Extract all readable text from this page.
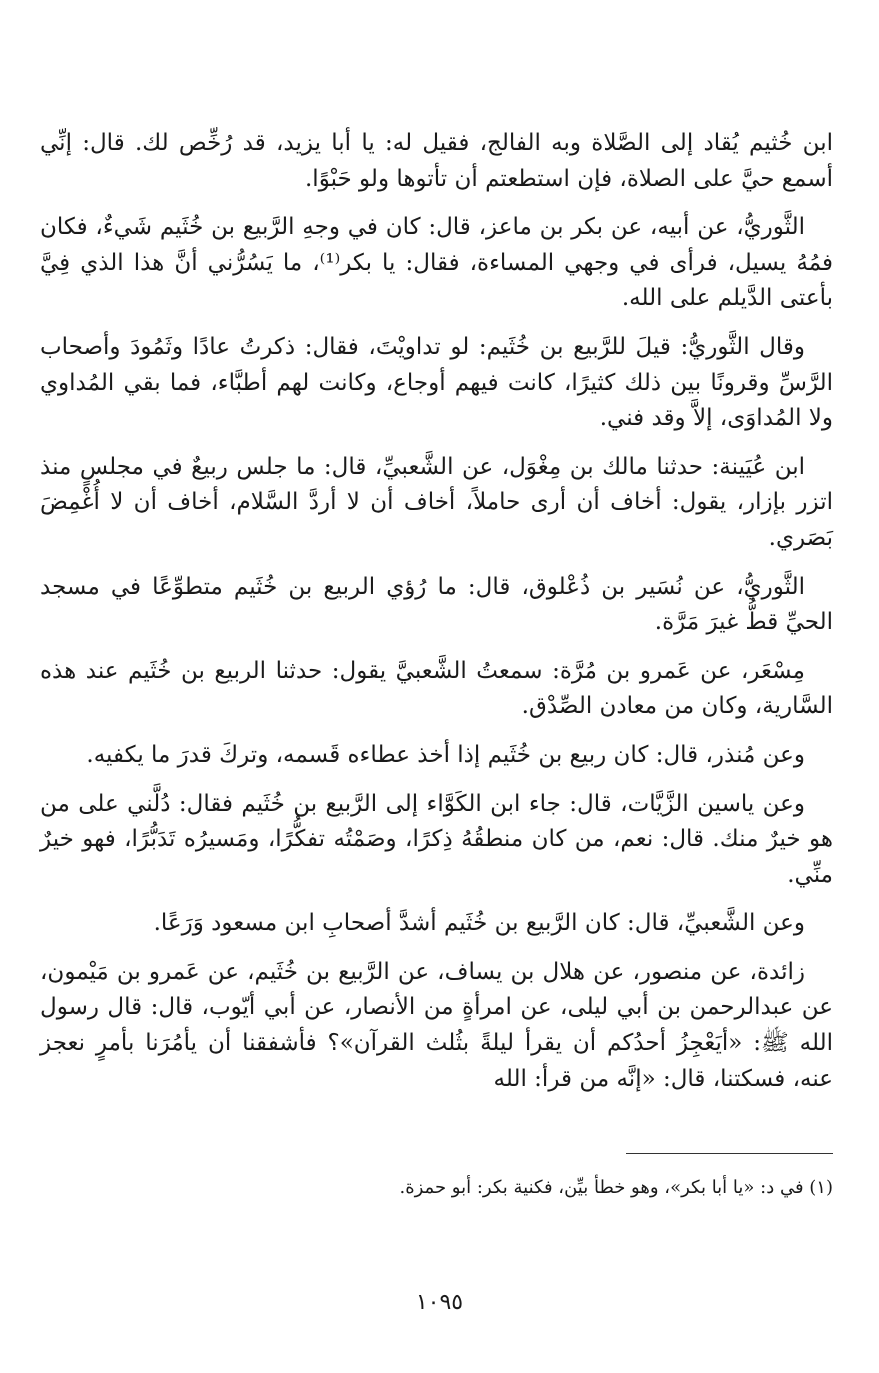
ابن خُثيم يُقاد إلى الصَّلاة وبه الفالج، فقيل له: يا أبا يزيد، قد رُخِّص لك. قال: إنِّي أسمع حيَّ على الصلاة، فإن استطعتم أن تأتوها ولو حَبْوًا.

الثَّوريُّ، عن أبيه، عن بكر بن ماعز، قال: كان في وجهِ الرَّبيع بن خُثَيم شَيءٌ، فكان فمُهُ يسيل، فرأى في وجهي المساءة، فقال: يا بكر⁽¹⁾، ما يَسُرُّني أنَّ هذا الذي فِيَّ بأعتى الدَّيلم على الله.

وقال الثَّوريُّ: قيلَ للرَّبيع بن خُثَيم: لو تداويْتَ، فقال: ذكرتُ عادًا وثَمُودَ وأصحاب الرَّسِّ وقرونًا بين ذلك كثيرًا، كانت فيهم أوجاع، وكانت لهم أطبَّاء، فما بقي المُداوي ولا المُداوَى، إلاَّ وقد فني.

ابن عُيَينة: حدثنا مالك بن مِغْوَل، عن الشَّعبيِّ، قال: ما جلس ربيعٌ في مجلسٍ منذ اتزر بإزار، يقول: أخاف أن أرى حاملاً، أخاف أن لا أردَّ السَّلام، أخاف أن لا أُغْمِضَ بَصَري.

الثَّوريُّ، عن نُسَير بن ذُعْلوق، قال: ما رُؤي الربيع بن خُثَيم متطوِّعًا في مسجد الحيِّ قطُّ غيرَ مَرَّة.

مِسْعَر، عن عَمرو بن مُرَّة: سمعتُ الشَّعبيَّ يقول: حدثنا الربيع بن خُثَيم عند هذه السَّارية، وكان من معادن الصِّدْق.

وعن مُنذر، قال: كان ربيع بن خُثَيم إذا أخذ عطاءه قَسمه، وتركَ قدرَ ما يكفيه.

وعن ياسين الزَّيَّات، قال: جاء ابن الكَوَّاء إلى الرَّبيع بن خُثَيم فقال: دُلَّني على من هو خيرٌ منك. قال: نعم، من كان منطقُهُ ذِكرًا، وصَمْتُه تفكُّرًا، ومَسيرُه تَدَبُّرًا، فهو خيرٌ منِّي.

وعن الشَّعبيِّ، قال: كان الرَّبيع بن خُثَيم أشدَّ أصحابِ ابن مسعود وَرَعًا.

زائدة، عن منصور، عن هلال بن يساف، عن الرَّبيع بن خُثَيم، عن عَمرو بن مَيْمون، عن عبدالرحمن بن أبي ليلى، عن امرأةٍ من الأنصار، عن أبي أيّوب، قال: قال رسول الله ﷺ: «أيَعْجِزُ أحدُكم أن يقرأ ليلةً بثُلث القرآن»؟ فأشفقنا أن يأمُرَنا بأمرٍ نعجز عنه، فسكتنا، قال: «إنَّه من قرأ: الله

(١) في د: «يا أبا بكر»، وهو خطأ بيِّن، فكنية بكر: أبو حمزة.
١٠٩٥
